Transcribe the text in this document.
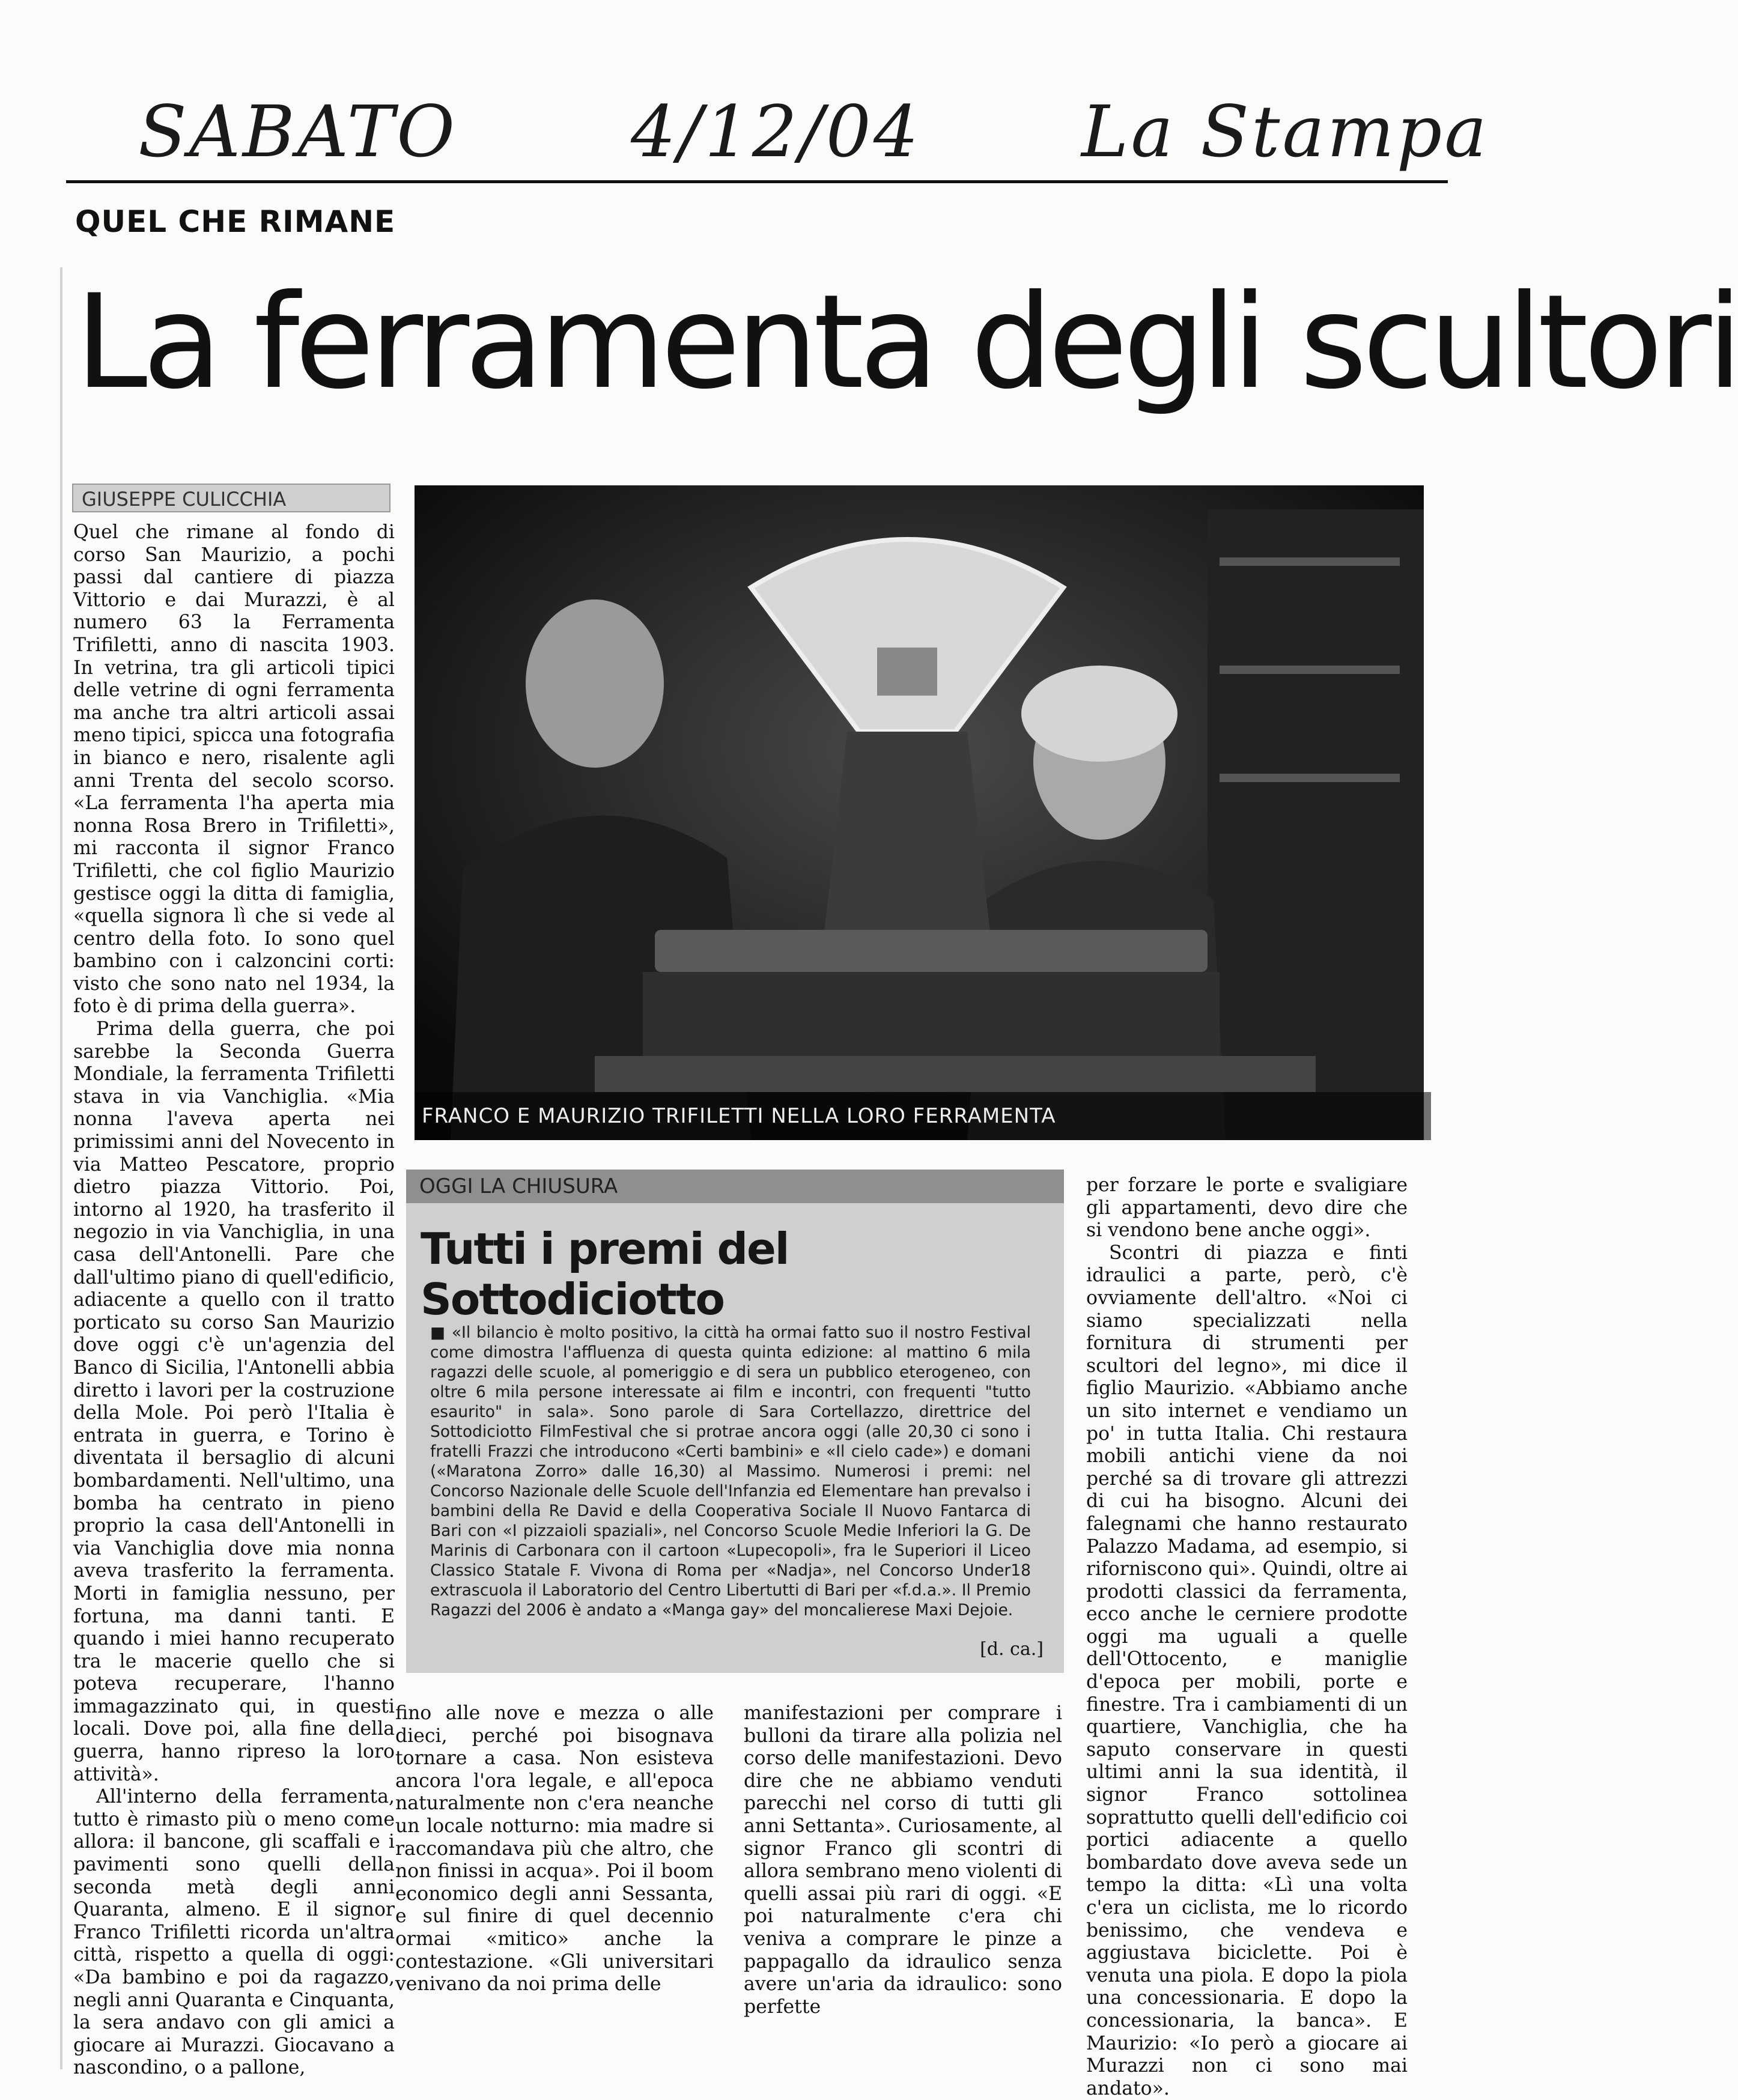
SABATO 4/12/04 La Stampa
QUEL CHE RIMANE
La ferramenta degli scultori
GIUSEPPE CULICCHIA
FRANCO E MAURIZIO TRIFILETTI NELLA LORO FERRAMENTA

Quel che rimane al fondo di corso San Maurizio, a pochi passi dal cantiere di piazza Vittorio e dai Murazzi, è al numero 63 la Ferramenta Trifiletti, anno di nascita 1903. In vetrina, tra gli articoli tipici delle vetrine di ogni ferramenta ma anche tra altri articoli assai meno tipici, spicca una fotografia in bianco e nero, risalente agli anni Trenta del secolo scorso. «La ferramenta l'ha aperta mia nonna Rosa Brero in Trifiletti», mi racconta il signor Franco Trifiletti, che col figlio Maurizio gestisce oggi la ditta di famiglia, «quella signora lì che si vede al centro della foto. Io sono quel bambino con i calzoncini corti: visto che sono nato nel 1934, la foto è di prima della guerra».

Prima della guerra, che poi sarebbe la Seconda Guerra Mondiale, la ferramenta Trifiletti stava in via Vanchiglia. «Mia nonna l'aveva aperta nei primissimi anni del Novecento in via Matteo Pescatore, proprio dietro piazza Vittorio. Poi, intorno al 1920, ha trasferito il negozio in via Vanchiglia, in una casa dell'Antonelli. Pare che dall'ultimo piano di quell'edificio, adiacente a quello con il tratto porticato su corso San Maurizio dove oggi c'è un'agenzia del Banco di Sicilia, l'Antonelli abbia diretto i lavori per la costruzione della Mole. Poi però l'Italia è entrata in guerra, e Torino è diventata il bersaglio di alcuni bombardamenti. Nell'ultimo, una bomba ha centrato in pieno proprio la casa dell'Antonelli in via Vanchiglia dove mia nonna aveva trasferito la ferramenta. Morti in famiglia nessuno, per fortuna, ma danni tanti. E quando i miei hanno recuperato tra le macerie quello che si poteva recuperare, l'hanno immagazzinato qui, in questi locali. Dove poi, alla fine della guerra, hanno ripreso la loro attività».

All'interno della ferramenta, tutto è rimasto più o meno come allora: il bancone, gli scaffali e i pavimenti sono quelli della seconda metà degli anni Quaranta, almeno. E il signor Franco Trifiletti ricorda un'altra città, rispetto a quella di oggi: «Da bambino e poi da ragazzo, negli anni Quaranta e Cinquanta, la sera andavo con gli amici a giocare ai Murazzi. Giocavano a nascondino, o a pallone,

OGGI LA CHIUSURA
Tutti i premi del Sottodiciotto
■ «Il bilancio è molto positivo, la città ha ormai fatto suo il nostro Festival come dimostra l'affluenza di questa quinta edizione: al mattino 6 mila ragazzi delle scuole, al pomeriggio e di sera un pubblico eterogeneo, con oltre 6 mila persone interessate ai film e incontri, con frequenti "tutto esaurito" in sala». Sono parole di Sara Cortellazzo, direttrice del Sottodiciotto FilmFestival che si protrae ancora oggi (alle 20,30 ci sono i fratelli Frazzi che introducono «Certi bambini» e «Il cielo cade») e domani («Maratona Zorro» dalle 16,30) al Massimo. Numerosi i premi: nel Concorso Nazionale delle Scuole dell'Infanzia ed Elementare han prevalso i bambini della Re David e della Cooperativa Sociale Il Nuovo Fantarca di Bari con «I pizzaioli spaziali», nel Concorso Scuole Medie Inferiori la G. De Marinis di Carbonara con il cartoon «Lupecopoli», fra le Superiori il Liceo Classico Statale F. Vivona di Roma per «Nadja», nel Concorso Under18 extrascuola il Laboratorio del Centro Libertutti di Bari per «f.d.a.». Il Premio Ragazzi del 2006 è andato a «Manga gay» del moncalierese Maxi Dejoie.
[d. ca.]

fino alle nove e mezza o alle dieci, perché poi bisognava tornare a casa. Non esisteva ancora l'ora legale, e all'epoca naturalmente non c'era neanche un locale notturno: mia madre si raccomandava più che altro, che non finissi in acqua». Poi il boom economico degli anni Sessanta, e sul finire di quel decennio ormai «mitico» anche la contestazione. «Gli universitari venivano da noi prima delle

manifestazioni per comprare i bulloni da tirare alla polizia nel corso delle manifestazioni. Devo dire che ne abbiamo venduti parecchi nel corso di tutti gli anni Settanta». Curiosamente, al signor Franco gli scontri di allora sembrano meno violenti di quelli assai più rari di oggi. «E poi naturalmente c'era chi veniva a comprare le pinze a pappagallo da idraulico senza avere un'aria da idraulico: sono perfette

per forzare le porte e svaligiare gli appartamenti, devo dire che si vendono bene anche oggi».

Scontri di piazza e finti idraulici a parte, però, c'è ovviamente dell'altro. «Noi ci siamo specializzati nella fornitura di strumenti per scultori del legno», mi dice il figlio Maurizio. «Abbiamo anche un sito internet e vendiamo un po' in tutta Italia. Chi restaura mobili antichi viene da noi perché sa di trovare gli attrezzi di cui ha bisogno. Alcuni dei falegnami che hanno restaurato Palazzo Madama, ad esempio, si riforniscono qui». Quindi, oltre ai prodotti classici da ferramenta, ecco anche le cerniere prodotte oggi ma uguali a quelle dell'Ottocento, e maniglie d'epoca per mobili, porte e finestre. Tra i cambiamenti di un quartiere, Vanchiglia, che ha saputo conservare in questi ultimi anni la sua identità, il signor Franco sottolinea soprattutto quelli dell'edificio coi portici adiacente a quello bombardato dove aveva sede un tempo la ditta: «Lì una volta c'era un ciclista, me lo ricordo benissimo, che vendeva e aggiustava biciclette. Poi è venuta una piola. E dopo la piola una concessionaria. E dopo la concessionaria, la banca». E Maurizio: «Io però a giocare ai Murazzi non ci sono mai andato».
